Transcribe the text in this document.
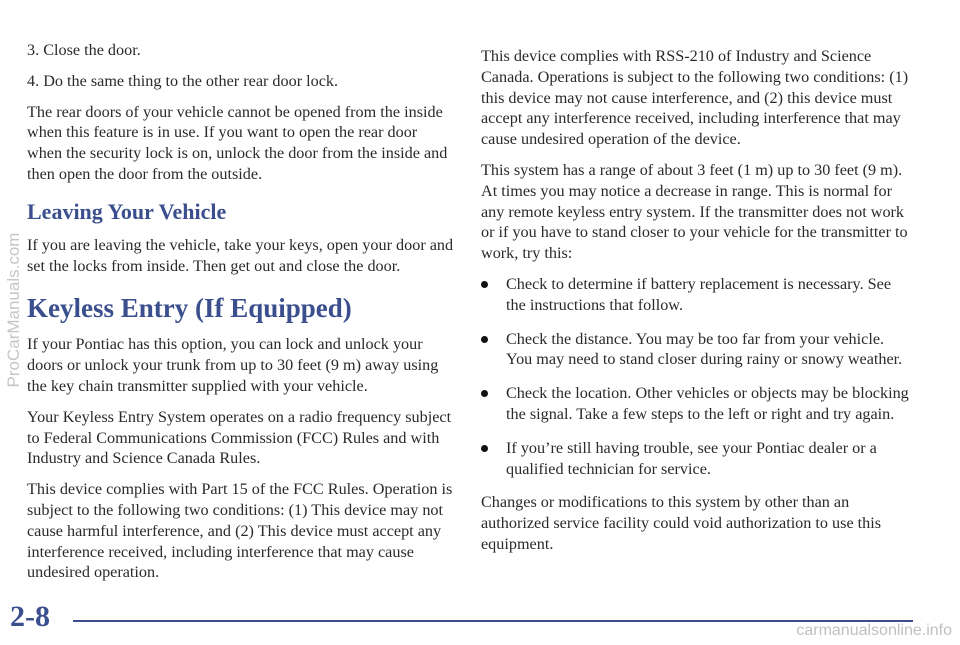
3. Close the door.

4. Do the same thing to the other rear door lock.

The rear doors of your vehicle cannot be opened from the inside when this feature is in use. If you want to open the rear door when the security lock is on, unlock the door from the inside and then open the door from the outside.

Leaving Your Vehicle

If you are leaving the vehicle, take your keys, open your door and set the locks from inside. Then get out and close the door.

Keyless Entry (If Equipped)

If your Pontiac has this option, you can lock and unlock your doors or unlock your trunk from up to 30 feet (9 m) away using the key chain transmitter supplied with your vehicle.

Your Keyless Entry System operates on a radio frequency subject to Federal Communications Commission (FCC) Rules and with Industry and Science Canada Rules.

This device complies with Part 15 of the FCC Rules. Operation is subject to the following two conditions: (1) This device may not cause harmful interference, and (2) This device must accept any interference received, including interference that may cause undesired operation.

This device complies with RSS-210 of Industry and Science Canada. Operations is subject to the following two conditions: (1) this device may not cause interference, and (2) this device must accept any interference received, including interference that may cause undesired operation of the device.

This system has a range of about 3 feet (1 m) up to 30 feet (9 m). At times you may notice a decrease in range. This is normal for any remote keyless entry system. If the transmitter does not work or if you have to stand closer to your vehicle for the transmitter to work, try this:

Check to determine if battery replacement is necessary. See the instructions that follow.
Check the distance. You may be too far from your vehicle. You may need to stand closer during rainy or snowy weather.
Check the location. Other vehicles or objects may be blocking the signal. Take a few steps to the left or right and try again.
If you’re still having trouble, see your Pontiac dealer or a qualified technician for service.

Changes or modifications to this system by other than an authorized service facility could void authorization to use this equipment.

2-8
ProCarManuals.com
carmanualsonline.info
